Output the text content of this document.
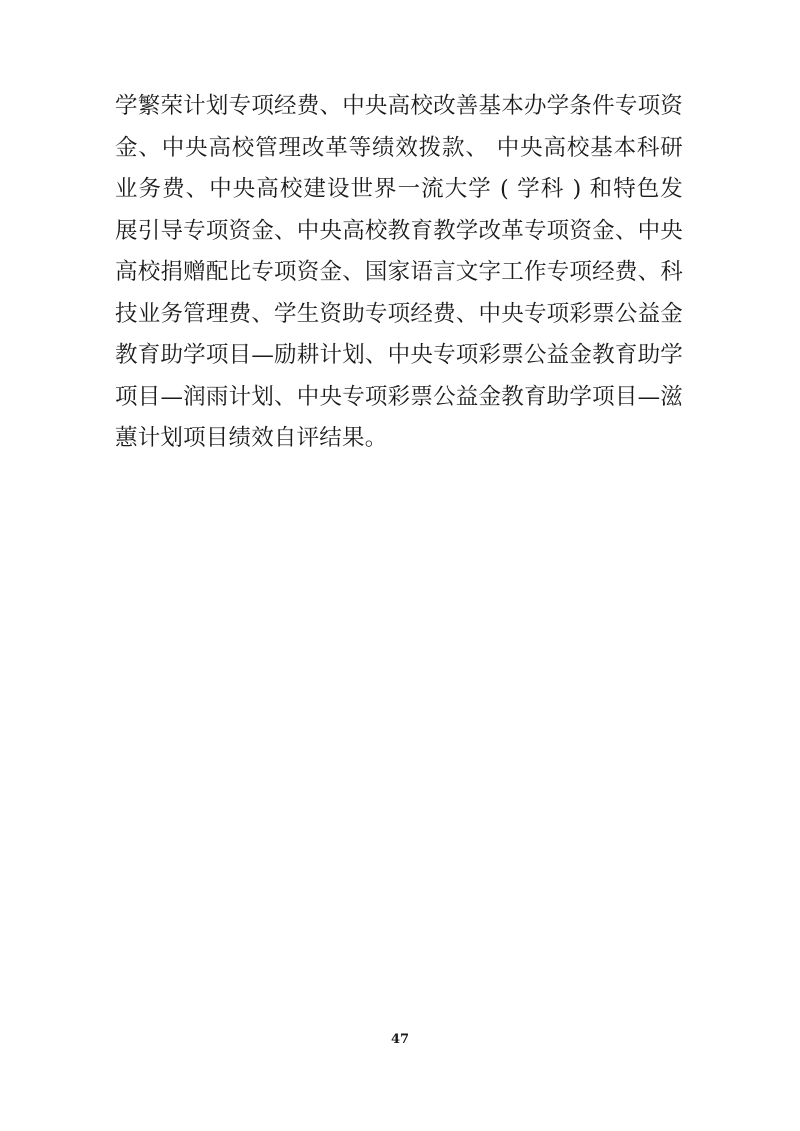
学繁荣计划专项经费、中央高校改善基本办学条件专项资金、中央高校管理改革等绩效拨款、 中央高校基本科研业务费、中央高校建设世界一流大学 ( 学科 ) 和特色发展引导专项资金、中央高校教育教学改革专项资金、中央高校捐赠配比专项资金、国家语言文字工作专项经费、科技业务管理费、学生资助专项经费、中央专项彩票公益金教育助学项目—励耕计划、中央专项彩票公益金教育助学项目—润雨计划、中央专项彩票公益金教育助学项目—滋蕙计划项目绩效自评结果。

47
